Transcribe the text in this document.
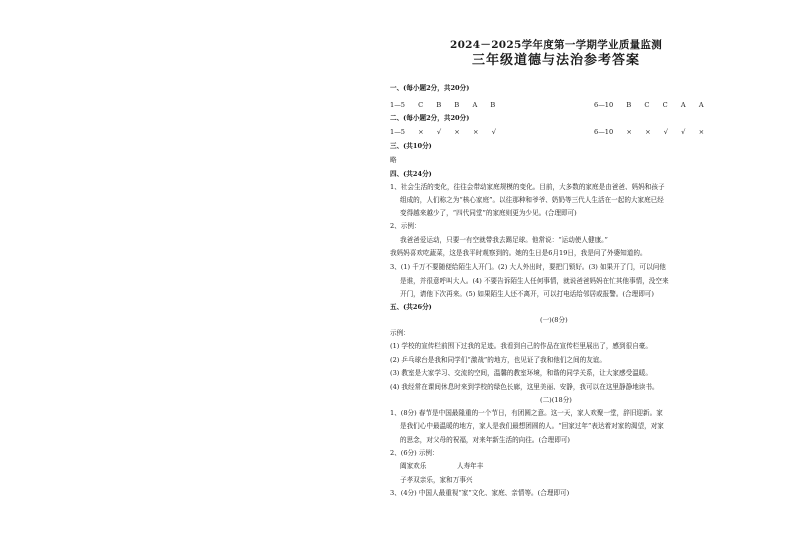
2024－2025学年度第一学期学业质量监测
三年级道德与法治参考答案
一、(每小题2分，共20分)
1—5　　C　　B　　B　　A　　B	6—10　　B　　C　　C　　A　　A
二、(每小题2分，共20分)
1—5　　×　　√　　×　　×　　√	6—10　　×　　×　　√　　√　　×
三、(共10分)
略
四、(共24分)
1、社会生活的变化，往往会带动家庭规模的变化。目前，大多数的家庭是由爸爸、妈妈和孩子
组成的，人们称之为“核心家庭”。以往那种和爷爷、奶奶等三代人生活在一起的大家庭已经
变得越来越少了，“四代同堂”的家庭则更为少见。(合理即可)
2、示例：
我爸爸爱运动，只要一有空就带我去踢足球。他常说：“运动使人健康。”
我妈妈喜欢吃蔬菜，这是我平时观察到的。她的生日是6月19日，我是问了外婆知道的。
3、(1) 千万不要随便给陌生人开门。(2) 大人外出时，要把门锁好。(3) 如果开了门，可以问他
是谁，并很意呼叫大人。(4) 不要告诉陌生人任何事情，就说爸爸妈妈在忙其他事情，没空来
开门，请他下次再来。(5) 如果陌生人还不离开，可以打电话给邻居或报警。(合理即可)
五、(共26分)
(一)(8分)
示例：
(1) 学校的宣传栏前围下过我的足迹。我看到自己的作品在宣传栏里展出了，感到很自豪。
(2) 乒乓球台是我和同学们“激战”的地方，也见证了我和他们之间的友谊。
(3) 教室是大家学习、交流的空间，温馨的教室环境，和谐的同学关系，让大家感受温暖。
(4) 我经常在课间休息时来到学校的绿色长廊，这里美丽、安静，我可以在这里静静地读书。
(二)(18分)
1、(8分) 春节是中国最隆重的一个节日，有团圆之意。这一天，家人欢聚一堂，辞旧迎新。家
是我们心中最温暖的地方，家人是我们最想团圆的人。“回家过年”表达着对家的渴望，对家
的思念，对父母的祝福，对来年新生活的向往。(合理即可)
2、(6分) 示例：
阖家欢乐	人寿年丰
子孝双亲乐，家和万事兴
3、(4分) 中国人最重视“家”文化、家庭、亲情等。(合理即可)
